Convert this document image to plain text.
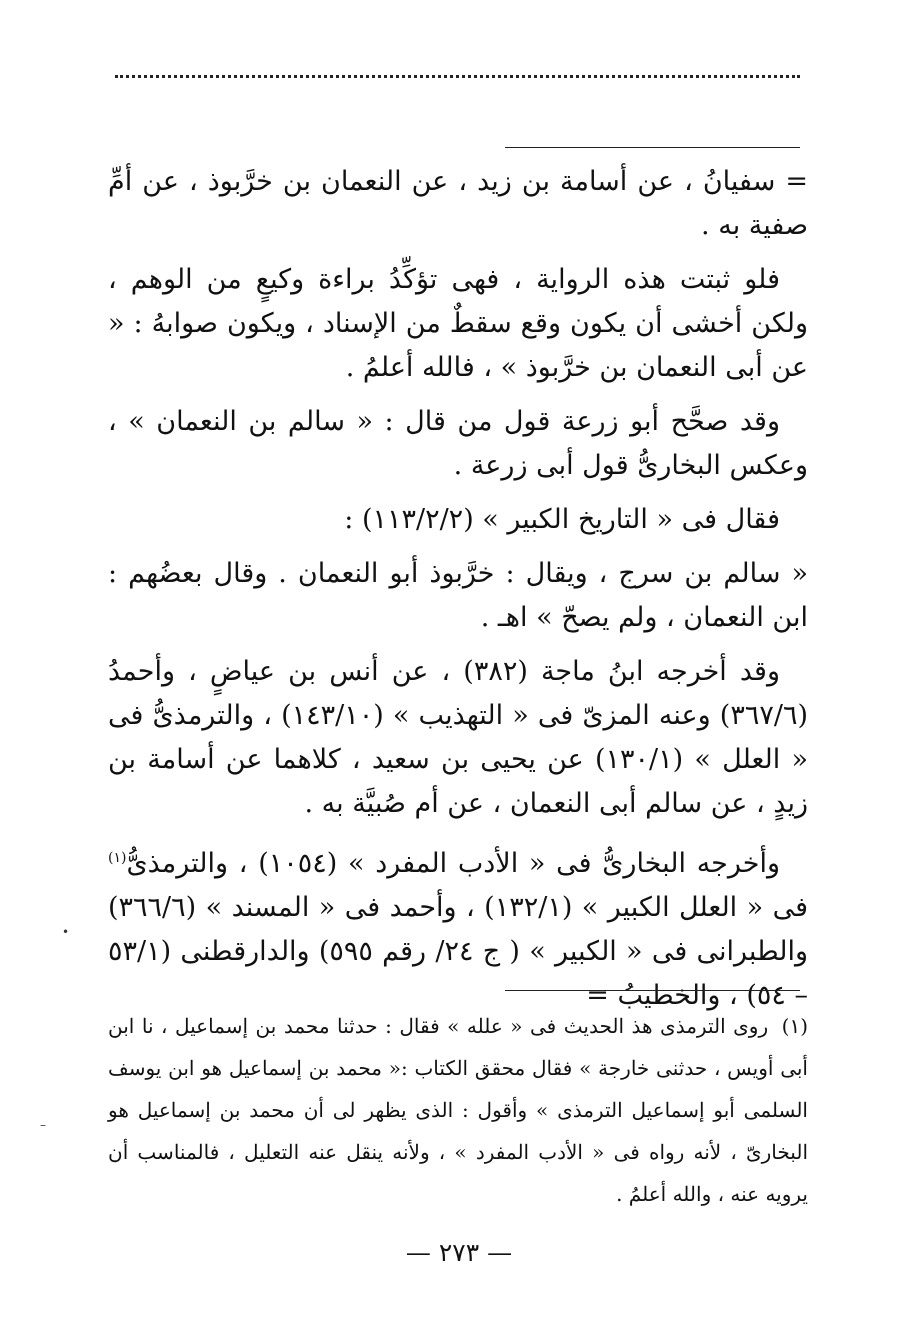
= سفيانُ ، عن أسامة بن زيد ، عن النعمان بن خرَّبوذ ، عن أمِّ صفية به .

فلو ثبتت هذه الرواية ، فهى تؤكِّدُ براءة وكيعٍ من الوهم ، ولكن أخشى أن يكون وقع سقطٌ من الإسناد ، ويكون صوابهُ : « عن أبى النعمان بن خرَّبوذ » ، فالله أعلمُ .

وقد صحَّح أبو زرعة قول من قال : « سالم بن النعمان » ، وعكس البخارىُّ قول أبى زرعة .

فقال فى « التاريخ الكبير » (١١٣/٢/٢) :

« سالم بن سرج ، ويقال : خرَّبوذ أبو النعمان . وقال بعضُهم : ابن النعمان ، ولم يصحّ » اهـ .

وقد أخرجه ابنُ ماجة (٣٨٢) ، عن أنس بن عياضٍ ، وأحمدُ (٣٦٧/٦) وعنه المزىّ فى « التهذيب » (١٤٣/١٠) ، والترمذىُّ فى « العلل » (١٣٠/١) عن يحيى بن سعيد ، كلاهما عن أسامة بن زيدٍ ، عن سالم أبى النعمان ، عن أم صُبيَّة به .

وأخرجه البخارىُّ فى « الأدب المفرد » (١٠٥٤) ، والترمذىُّ$^{(١)}$ فى « العلل الكبير » (١٣٢/١) ، وأحمد فى « المسند » (٣٦٦/٦) والطبرانى فى « الكبير » ( ج ٢٤/ رقم ٥٩٥) والدارقطنى (٥٣/١ – ٥٤) ، والخطيبُ =

(١) روى الترمذى هذ الحديث فى « علله » فقال : حدثنا محمد بن إسماعيل ، نا ابن أبى أويس ، حدثنى خارجة » فقال محقق الكتاب :« محمد بن إسماعيل هو ابن يوسف السلمى أبو إسماعيل الترمذى » وأقول : الذى يظهر لى أن محمد بن إسماعيل هو البخارىّ ، لأنه رواه فى « الأدب المفرد » ، ولأنه ينقل عنه التعليل ، فالمناسب أن يرويه عنه ، والله أعلمُ .
— ٢٧٣ —
•
–
